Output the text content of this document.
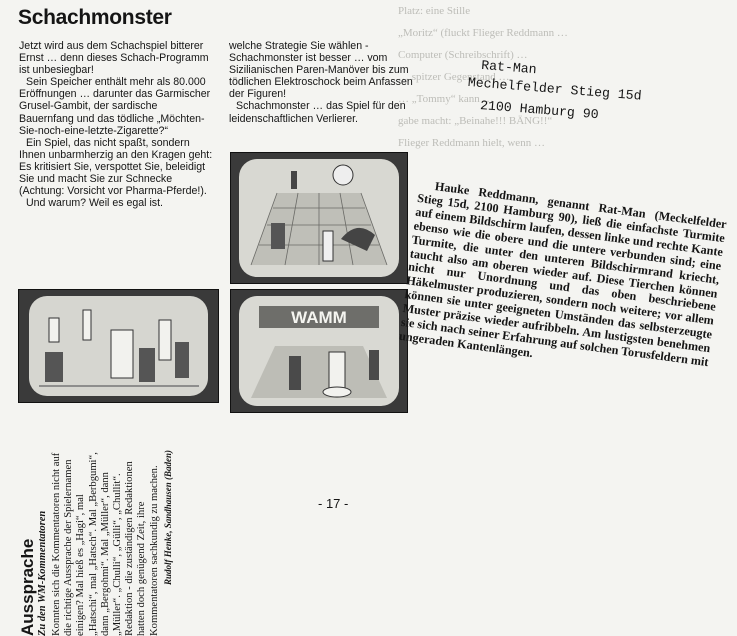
Platz: eine Stille
„Moritz“ (fluckt Flieger Reddmann …
Computer (Schreibschrift) …
… spitzer Gegenstand …
… „Tommy“ kann …
gabe macht: „Beinahe!!! BÄNG!!“
Flieger Reddmann hielt, wenn …
Schachmonster

Jetzt wird aus dem Schachspiel bitterer Ernst … denn dieses Schach-Programm ist unbesiegbar!

Sein Speicher enthält mehr als 80.000 Eröffnungen … darunter das Garmischer Grusel-Gambit, der sardische Bauernfang und das tödliche „Möchten-Sie-noch-eine-letzte-Zigarette?“

Ein Spiel, das nicht spaßt, sondern Ihnen unbarmherzig an den Kragen geht: Es kritisiert Sie, verspottet Sie, beleidigt Sie und macht Sie zur Schnecke (Achtung: Vorsicht vor Pharma-Pferde!).

Und warum? Weil es egal ist.

welche Strategie Sie wählen - Schachmonster ist besser … vom Sizilianischen Paren-Manöver bis zum tödlichen Elektroschock beim Anfassen der Figuren!

Schachmonster … das Spiel für den leidenschaftlichen Verlierer.

WAMM
Rat-Man
Mechelfelder Stieg 15d
2100 Hamburg 90

Hauke Reddmann, genannt Rat-Man (Meckelfelder Stieg 15d, 2100 Hamburg 90), ließ die einfachste Turmite auf einem Bildschirm laufen, dessen linke und rechte Kante ebenso wie die obere und die untere verbunden sind; eine Turmite, die unter den unteren Bildschirmrand kriecht, taucht also am oberen wieder auf. Diese Tierchen können nicht nur Unordnung und das oben beschriebene Häkelmuster produzieren, sondern noch weitere; vor allem können sie unter geeigneten Umständen das selbsterzeugte Muster präzise wieder aufribbeln. Am lustigsten benehmen sie sich nach seiner Erfahrung auf solchen Torusfeldern mit ungeraden Kantenlängen.

- 17 -
Aussprache Zu den WM-Kommentatoren Konnten sich die Kommentatoren nicht auf die richtige Aussprache der Spielernamen einigen? Mal hieß es „Hagi“, mal „Hatschi“, mal „Hatsch“. Mal „Berbgumi“, dann „Bergohmi“. Mal „Müller“, dann „Müller“. „Chulli“, „Gülli“, „Chullit“. Redaktion - die zuständigen Redaktionen hatten doch genügend Zeit, ihre Kommentatoren sachkundig zu machen. Rudolf Henke, Sandhausen (Baden)
